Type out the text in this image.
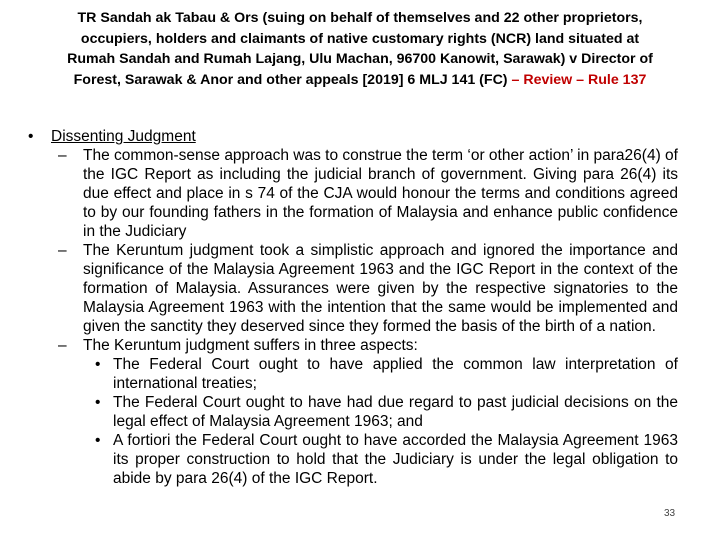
TR Sandah ak Tabau & Ors (suing on behalf of themselves and 22 other proprietors, occupiers, holders and claimants of native customary rights (NCR) land situated at Rumah Sandah and Rumah Lajang, Ulu Machan, 96700 Kanowit, Sarawak) v Director of Forest, Sarawak & Anor and other appeals [2019] 6 MLJ 141 (FC) – Review – Rule 137
• Dissenting Judgment
– The common-sense approach was to construe the term ‘or other action’ in para26(4) of the IGC Report as including the judicial branch of government. Giving para 26(4) its due effect and place in s 74 of the CJA would honour the terms and conditions agreed to by our founding fathers in the formation of Malaysia and enhance public confidence in the Judiciary
– The Keruntum judgment took a simplistic approach and ignored the importance and significance of the Malaysia Agreement 1963 and the IGC Report in the context of the formation of Malaysia. Assurances were given by the respective signatories to the Malaysia Agreement 1963 with the intention that the same would be implemented and given the sanctity they deserved since they formed the basis of the birth of a nation.
– The Keruntum judgment suffers in three aspects:
• The Federal Court ought to have applied the common law interpretation of international treaties;
• The Federal Court ought to have had due regard to past judicial decisions on the legal effect of Malaysia Agreement 1963; and
• A fortiori the Federal Court ought to have accorded the Malaysia Agreement 1963 its proper construction to hold that the Judiciary is under the legal obligation to abide by para 26(4) of the IGC Report.
33
